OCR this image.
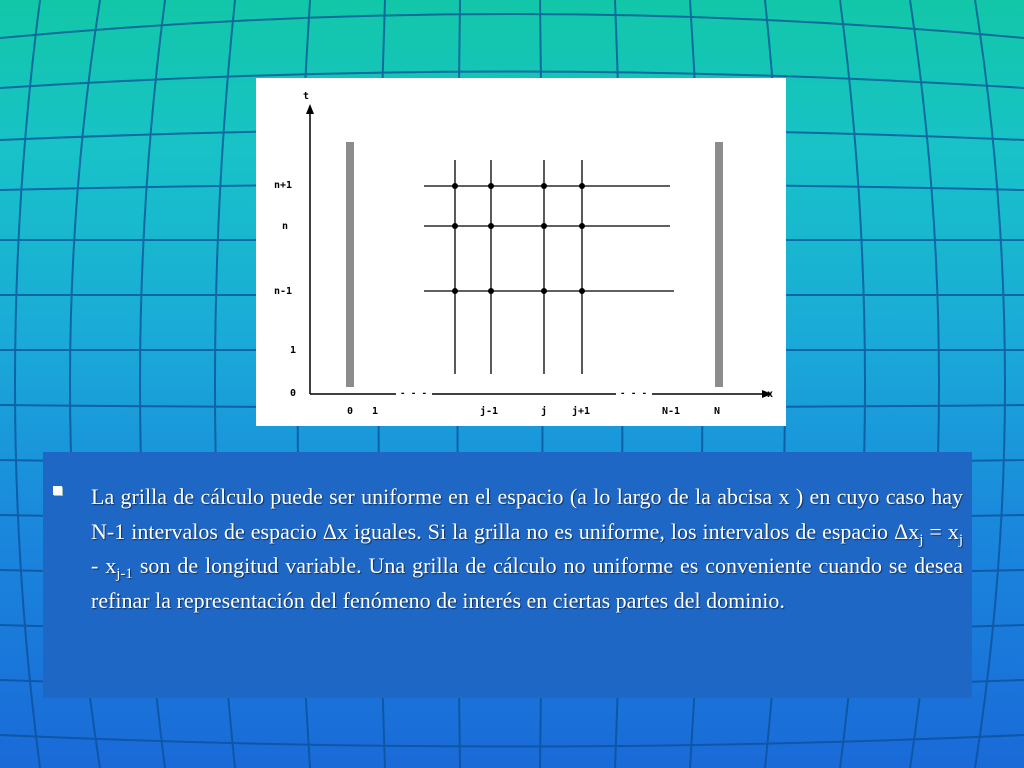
t
x
n+1
n
n-1
1
0
0 1	j-1	j j+1	N-1	N
- - -	- - -
La grilla de cálculo puede ser uniforme en el espacio (a lo largo de la abcisa x ) en cuyo caso hay N-1 intervalos de espacio Δx iguales. Si la grilla no es uniforme, los intervalos de espacio $\Delta x_j = x_j - x_{j-1}$ son de longitud variable. Una grilla de cálculo no uniforme es conveniente cuando se desea refinar la representación del fenómeno de interés en ciertas partes del dominio.
